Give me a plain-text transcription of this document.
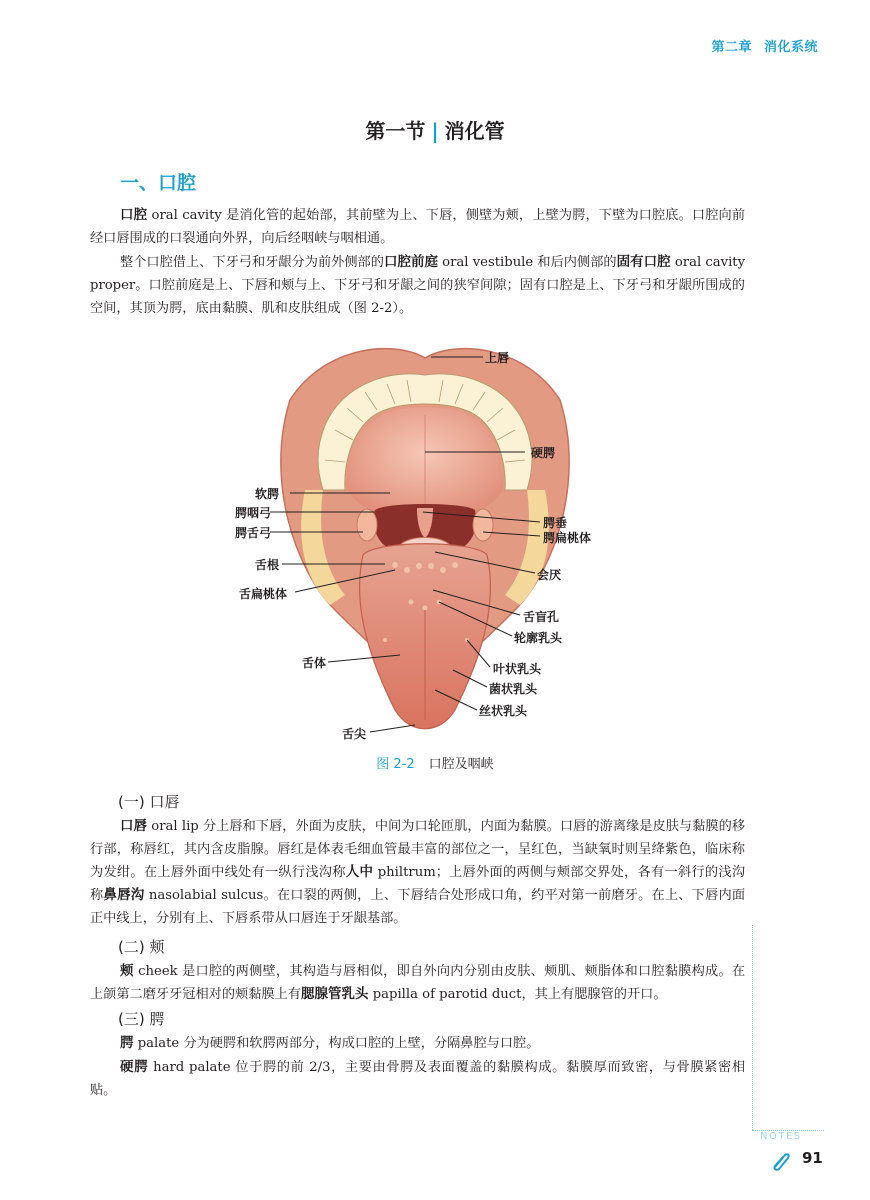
第二章 消化系统
第一节 | 消化管
一、口腔
口腔 oral cavity 是消化管的起始部，其前壁为上、下唇，侧壁为颊，上壁为腭，下壁为口腔底。口腔向前经口唇围成的口裂通向外界，向后经咽峡与咽相通。
整个口腔借上、下牙弓和牙龈分为前外侧部的口腔前庭 oral vestibule 和后内侧部的固有口腔 oral cavity proper。口腔前庭是上、下唇和颊与上、下牙弓和牙龈之间的狭窄间隙；固有口腔是上、下牙弓和牙龈所围成的空间，其顶为腭，底由黏膜、肌和皮肤组成（图 2-2）。
上唇
硬腭
软腭
腭咽弓
腭舌弓
腭垂
腭扁桃体
舌根
会厌
舌扁桃体
舌盲孔
轮廓乳头
舌体	叶状乳头
菌状乳头
丝状乳头
舌尖
图 2-2 口腔及咽峡
(一) 口唇
口唇 oral lip 分上唇和下唇，外面为皮肤，中间为口轮匝肌，内面为黏膜。口唇的游离缘是皮肤与黏膜的移行部，称唇红，其内含皮脂腺。唇红是体表毛细血管最丰富的部位之一，呈红色，当缺氧时则呈绛紫色，临床称为发绀。在上唇外面中线处有一纵行浅沟称人中 philtrum；上唇外面的两侧与颊部交界处，各有一斜行的浅沟称鼻唇沟 nasolabial sulcus。在口裂的两侧，上、下唇结合处形成口角，约平对第一前磨牙。在上、下唇内面正中线上，分别有上、下唇系带从口唇连于牙龈基部。
(二) 颊
颊 cheek 是口腔的两侧壁，其构造与唇相似，即自外向内分别由皮肤、颊肌、颊脂体和口腔黏膜构成。在上颌第二磨牙牙冠相对的颊黏膜上有腮腺管乳头 papilla of parotid duct，其上有腮腺管的开口。
(三) 腭
腭 palate 分为硬腭和软腭两部分，构成口腔的上壁，分隔鼻腔与口腔。
硬腭 hard palate 位于腭的前 2/3，主要由骨腭及表面覆盖的黏膜构成。黏膜厚而致密，与骨膜紧密相贴。
NOTES
91
